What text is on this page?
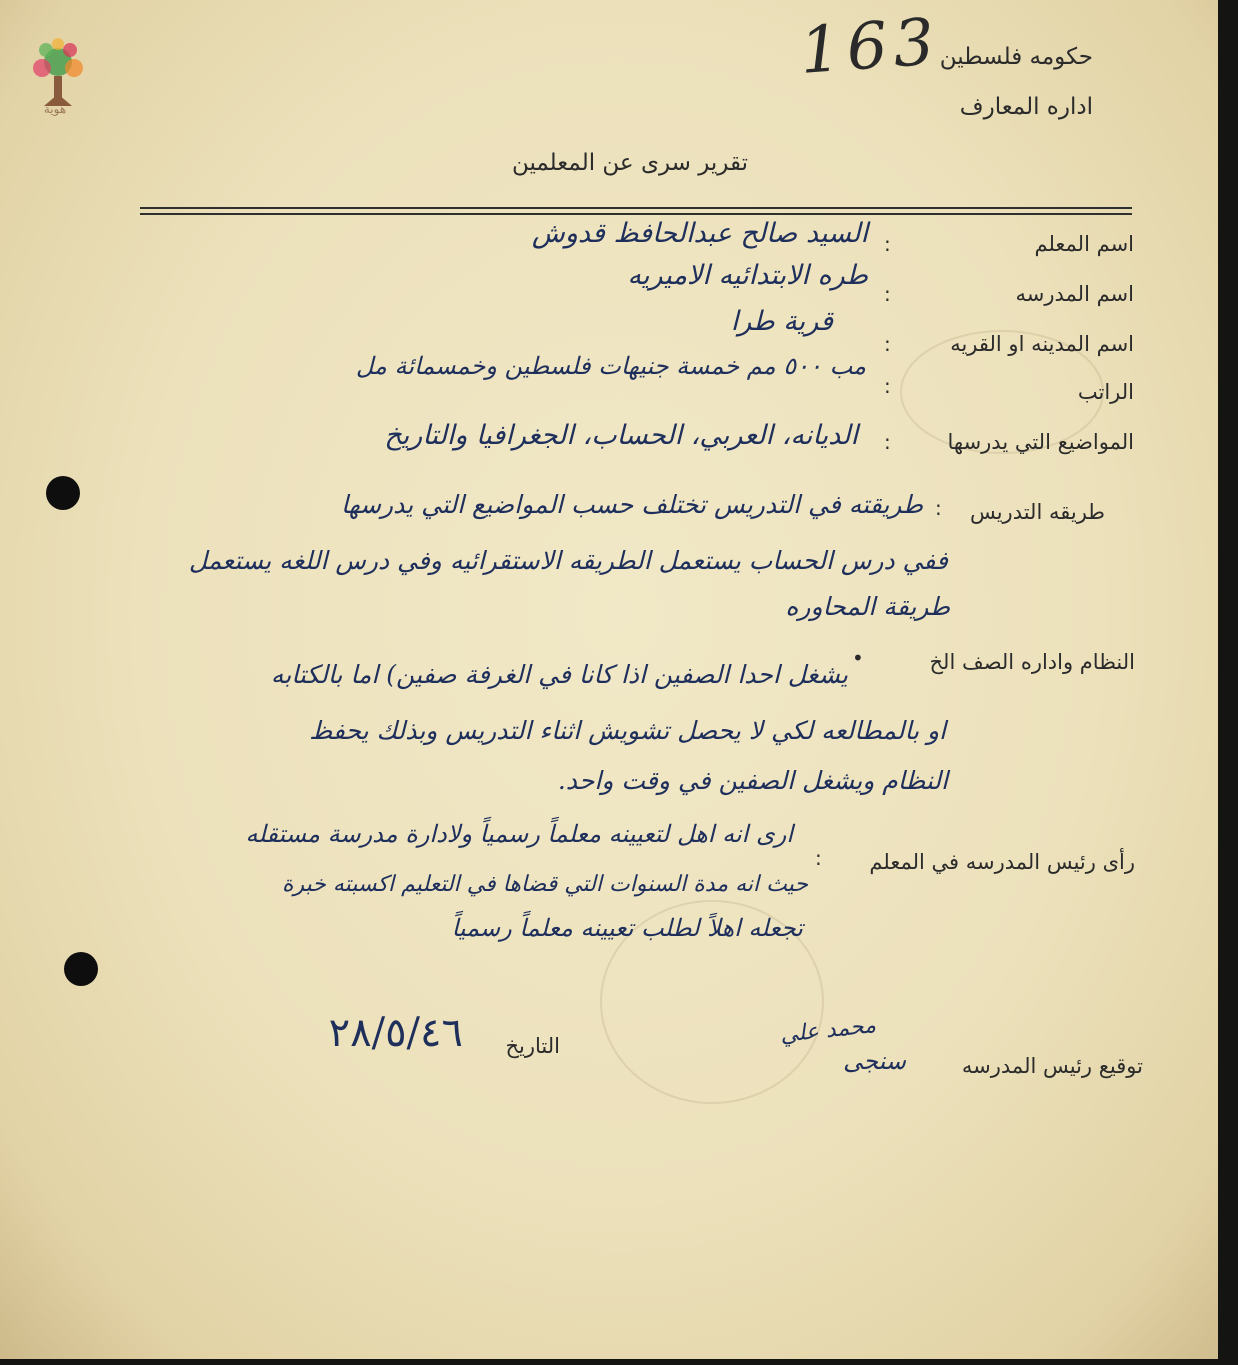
هوية
163
حكومه فلسطين
اداره المعارف
تقرير سرى عن المعلمين
اسم المعلم
:
السيد صالح عبدالحافظ قدوش
اسم المدرسه
:
طره الابتدائيه الاميريه
اسم المدينه او القريه
:
قرية طرا
الراتب
:
مب ٥٠٠ مم خمسة جنيهات فلسطين وخمسمائة مل
المواضيع التي يدرسها
:
الديانه، العربي، الحساب، الجغرافيا والتاريخ
طريقه التدريس
:
طريقته في التدريس تختلف حسب المواضيع التي يدرسها
ففي درس الحساب يستعمل الطريقه الاستقرائيه وفي درس اللغه يستعمل
طريقة المحاوره
النظام واداره الصف الخ
•
يشغل احدا الصفين اذا كانا في الغرفة صفين) اما بالكتابه
او بالمطالعه لكي لا يحصل تشويش اثناء التدريس وبذلك يحفظ
النظام ويشغل الصفين في وقت واحد.
رأى رئيس المدرسه في المعلم
:
ارى انه اهل لتعيينه معلماً رسمياً ولادارة مدرسة مستقله
حيث انه مدة السنوات التي قضاها في التعليم اكسبته خبرة
تجعله اهلاً لطلب تعيينه معلماً رسمياً
التاريخ
٢٨/٥/٤٦
توقيع رئيس المدرسه
محمد علي
سنجى
